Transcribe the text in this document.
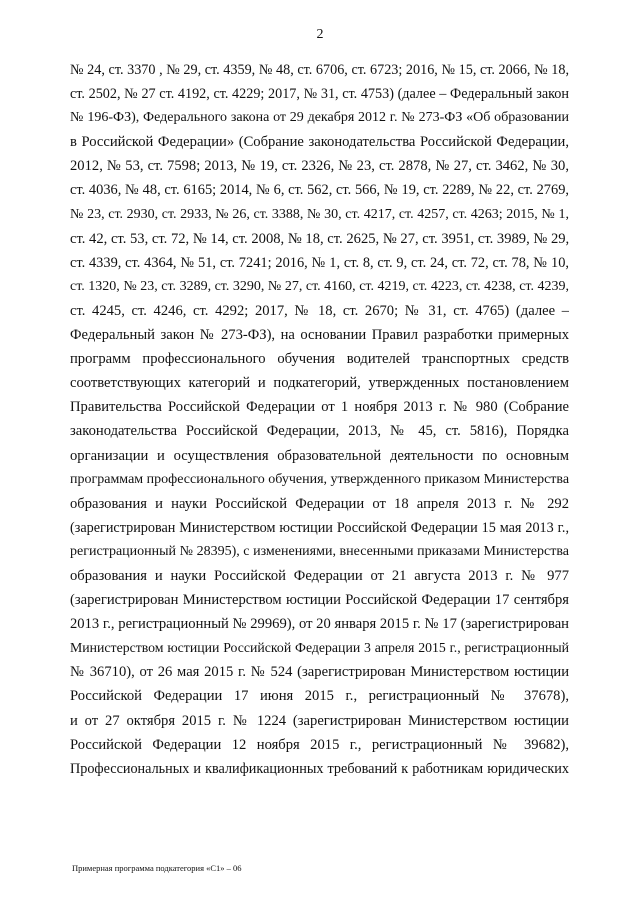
2
№ 24, ст. 3370 , № 29, ст. 4359, № 48, ст. 6706, ст. 6723; 2016, № 15, ст. 2066, № 18,
ст. 2502, № 27 ст. 4192, ст. 4229; 2017, № 31, ст. 4753) (далее – Федеральный закон
№ 196-ФЗ), Федерального закона от 29 декабря 2012 г. № 273-ФЗ «Об образовании
в Российской Федерации» (Собрание законодательства Российской Федерации,
2012, № 53, ст. 7598; 2013, № 19, ст. 2326, № 23, ст. 2878, № 27, ст. 3462, № 30,
ст. 4036, № 48, ст. 6165; 2014, № 6, ст. 562, ст. 566, № 19, ст. 2289, № 22, ст. 2769,
№ 23, ст. 2930, ст. 2933, № 26, ст. 3388, № 30, ст. 4217, ст. 4257, ст. 4263; 2015, № 1,
ст. 42, ст. 53, ст. 72, № 14, ст. 2008, № 18, ст. 2625, № 27, ст. 3951, ст. 3989, № 29,
ст. 4339, ст. 4364, № 51, ст. 7241; 2016, № 1, ст. 8, ст. 9, ст. 24, ст. 72, ст. 78, № 10,
ст. 1320, № 23, ст. 3289, ст. 3290, № 27, ст. 4160, ст. 4219, ст. 4223, ст. 4238, ст. 4239,
ст. 4245, ст. 4246, ст. 4292; 2017, № 18, ст. 2670; № 31, ст. 4765) (далее –
Федеральный закон № 273-ФЗ), на основании Правил разработки примерных
программ профессионального обучения водителей транспортных средств
соответствующих категорий и подкатегорий, утвержденных постановлением
Правительства Российской Федерации от 1 ноября 2013 г. № 980 (Собрание
законодательства Российской Федерации, 2013, № 45, ст. 5816), Порядка
организации и осуществления образовательной деятельности по основным
программам профессионального обучения, утвержденного приказом Министерства
образования и науки Российской Федерации от 18 апреля 2013 г. № 292
(зарегистрирован Министерством юстиции Российской Федерации 15 мая 2013 г.,
регистрационный № 28395), с изменениями, внесенными приказами Министерства
образования и науки Российской Федерации от 21 августа 2013 г. № 977
(зарегистрирован Министерством юстиции Российской Федерации 17 сентября
2013 г., регистрационный № 29969), от 20 января 2015 г. № 17 (зарегистрирован
Министерством юстиции Российской Федерации 3 апреля 2015 г., регистрационный
№ 36710), от 26 мая 2015 г. № 524 (зарегистрирован Министерством юстиции
Российской Федерации 17 июня 2015 г., регистрационный № 37678),
и от 27 октября 2015 г. № 1224 (зарегистрирован Министерством юстиции
Российской Федерации 12 ноября 2015 г., регистрационный № 39682),
Профессиональных и квалификационных требований к работникам юридических
Примерная программа подкатегория «C1» – 06
